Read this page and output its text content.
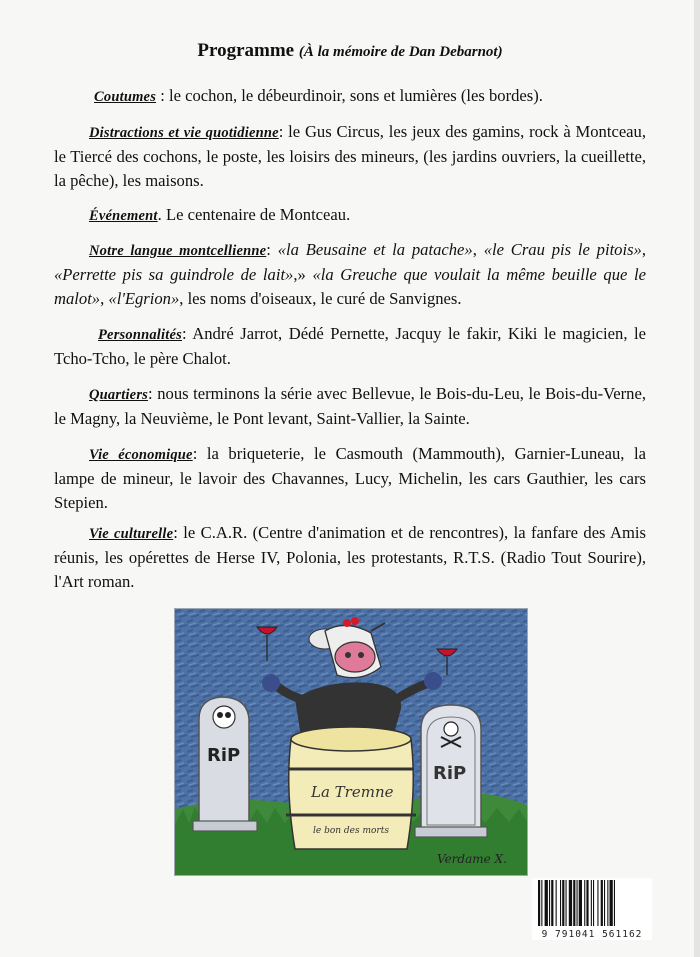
Programme (À la mémoire de Dan Debarnot)
Coutumes : le cochon, le débeurdinoir, sons et lumières (les bordes).
Distractions et vie quotidienne: le Gus Circus, les jeux des gamins, rock à Montceau, le Tiercé des cochons, le poste, les loisirs des mineurs, (les jardins ouvriers, la cueillette, la pêche), les maisons.
Événement. Le centenaire de Montceau.
Notre langue montcellienne: «la Beusaine et la patache», «le Crau pis le pitois», «Perrette pis sa guindrole de lait»,» «la Greuche que voulait la même beuille que le malot», «l'Egrion», les noms d'oiseaux, le curé de Sanvignes.
Personnalités: André Jarrot, Dédé Pernette, Jacquy le fakir, Kiki le magicien, le Tcho-Tcho, le père Chalot.
Quartiers: nous terminons la série avec Bellevue, le Bois-du-Leu, le Bois-du-Verne, le Magny, la Neuvième, le Pont levant, Saint-Vallier, la Sainte.
Vie économique: la briqueterie, le Casmouth (Mammouth), Garnier-Luneau, la lampe de mineur, le lavoir des Chavannes, Lucy, Michelin, les cars Gauthier, les cars Stepien.
Vie culturelle: le C.A.R. (Centre d'animation et de rencontres), la fanfare des Amis réunis, les opérettes de Herse IV, Polonia, les protestants, R.T.S. (Radio Tout Sourire), l'Art roman.
RiP
RiP
La Tremne
le bon des morts
Verdame X.
9 791041 561162
